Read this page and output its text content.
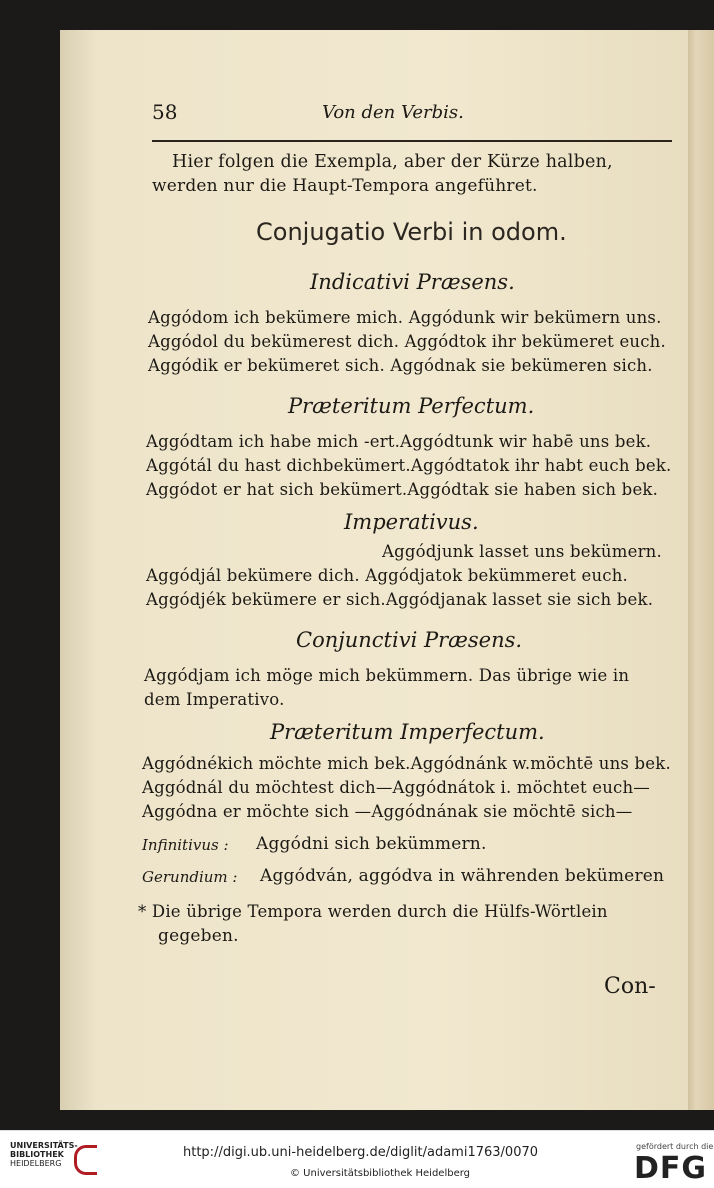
58	Von den Verbis.
Hier folgen die Exempla, aber der Kürze halben,
werden nur die Haupt-Tempora angeführet.
Conjugatio Verbi in odom.
Indicativi Præsens.
Aggódom ich bekümere mich. Aggódunk wir bekümern uns.
Aggódol du bekümerest dich. Aggódtok ihr bekümeret euch.
Aggódik er bekümeret sich. Aggódnak sie bekümeren sich.
Præteritum Perfectum.
Aggódtam ich habe mich -ert.Aggódtunk wir habē uns bek.
Aggótál du hast dichbekümert.Aggódtatok ihr habt euch bek.
Aggódot er hat sich bekümert.Aggódtak sie haben sich bek.
Imperativus.
Aggódjunk lasset uns bekümern.
Aggódjál bekümere dich. Aggódjatok bekümmeret euch.
Aggódjék bekümere er sich.Aggódjanak lasset sie sich bek.
Conjunctivi Præsens.
Aggódjam ich möge mich bekümmern. Das übrige wie in
dem Imperativo.
Præteritum Imperfectum.
Aggódnékich möchte mich bek.Aggódnánk w.möchtē uns bek.
Aggódnál du möchtest dich—Aggódnátok i. möchtet euch—
Aggódna er möchte sich —Aggódnának sie möchtē sich—
Infinitivus : Aggódni sich bekümmern.
Gerundium : Aggódván, aggódva in währenden bekümeren
* Die übrige Tempora werden durch die Hülfs-Wörtlein
gegeben.
Con-
UNIVERSITÄTS-
BIBLIOTHEK
HEIDELBERG
http://digi.ub.uni-heidelberg.de/diglit/adami1763/0070
© Universitätsbibliothek Heidelberg
gefördert durch die
DFG
